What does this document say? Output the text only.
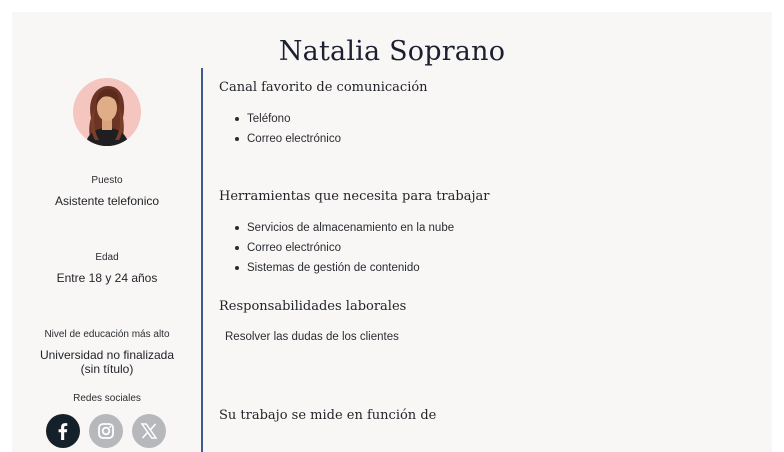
Natalia Soprano
Puesto
Asistente telefonico
Edad
Entre 18 y 24 años
Nivel de educación más alto
Universidad no finalizada
(sin título)
Redes sociales
Canal favorito de comunicación
Teléfono
Correo electrónico
Herramientas que necesita para trabajar
Servicios de almacenamiento en la nube
Correo electrónico
Sistemas de gestión de contenido
Responsabilidades laborales
Resolver las dudas de los clientes
Su trabajo se mide en función de
